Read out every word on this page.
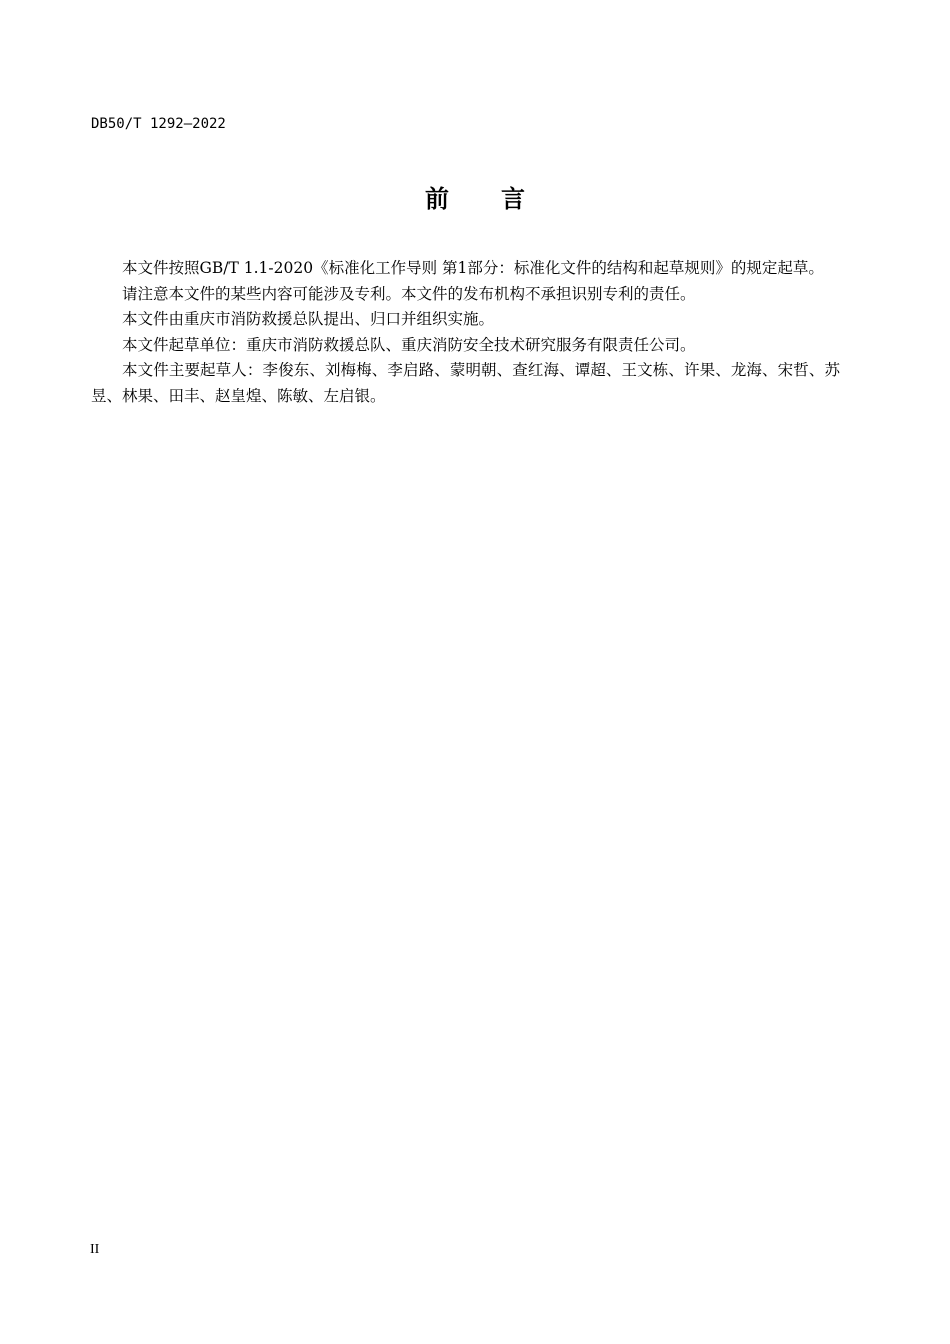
DB50/T 1292—2022
前 言

本文件按照GB/T 1.1-2020《标准化工作导则 第1部分：标准化文件的结构和起草规则》的规定起草。

请注意本文件的某些内容可能涉及专利。本文件的发布机构不承担识别专利的责任。

本文件由重庆市消防救援总队提出、归口并组织实施。

本文件起草单位：重庆市消防救援总队、重庆消防安全技术研究服务有限责任公司。

本文件主要起草人：李俊东、刘梅梅、李启路、蒙明朝、查红海、谭超、王文栋、许果、龙海、宋哲、苏昱、林果、田丰、赵皇煌、陈敏、左启银。

II
